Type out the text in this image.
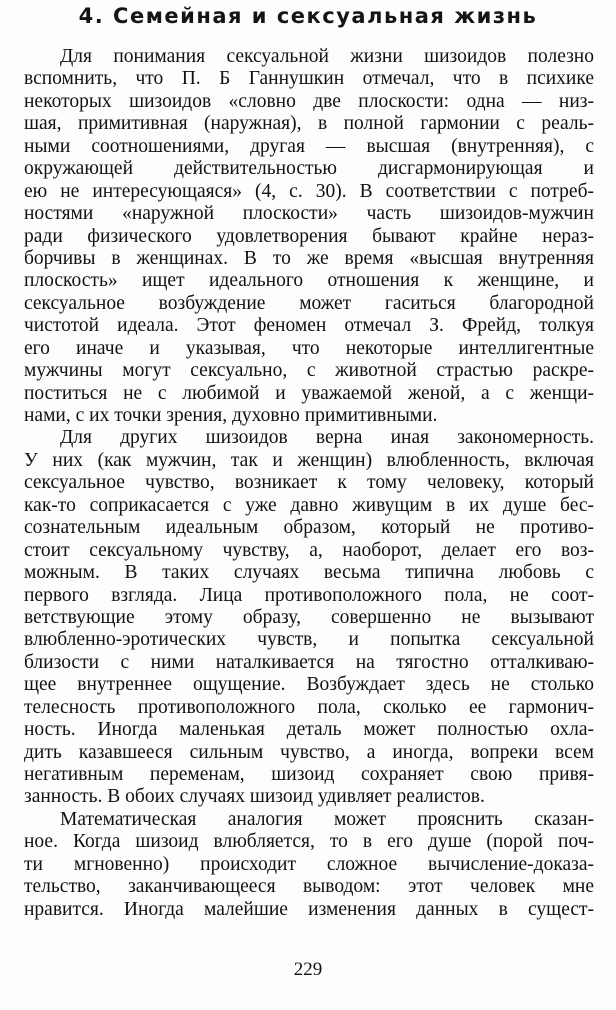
4. Семейная и сексуальная жизнь
Для понимания сексуальной жизни шизоидов полезно
вспомнить, что П. Б Ганнушкин отмечал, что в психике
некоторых шизоидов «словно две плоскости: одна — низ-
шая, примитивная (наружная), в полной гармонии с реаль-
ными соотношениями, другая — высшая (внутренняя), с
окружающей действительностью дисгармонирующая и
ею не интересующаяся» (4, с. 30). В соответствии с потреб-
ностями «наружной плоскости» часть шизоидов-мужчин
ради физического удовлетворения бывают крайне нераз-
борчивы в женщинах. В то же время «высшая внутренняя
плоскость» ищет идеального отношения к женщине, и
сексуальное возбуждение может гаситься благородной
чистотой идеала. Этот феномен отмечал З. Фрейд, толкуя
его иначе и указывая, что некоторые интеллигентные
мужчины могут сексуально, с животной страстью раскре-
поститься не с любимой и уважаемой женой, а с женщи-
нами, с их точки зрения, духовно примитивными.
Для других шизоидов верна иная закономерность.
У них (как мужчин, так и женщин) влюбленность, включая
сексуальное чувство, возникает к тому человеку, который
как-то соприкасается с уже давно живущим в их душе бес-
сознательным идеальным образом, который не противо-
стоит сексуальному чувству, а, наоборот, делает его воз-
можным. В таких случаях весьма типична любовь с
первого взгляда. Лица противоположного пола, не соот-
ветствующие этому образу, совершенно не вызывают
влюбленно-эротических чувств, и попытка сексуальной
близости с ними наталкивается на тягостно отталкиваю-
щее внутреннее ощущение. Возбуждает здесь не столько
телесность противоположного пола, сколько ее гармонич-
ность. Иногда маленькая деталь может полностью охла-
дить казавшееся сильным чувство, а иногда, вопреки всем
негативным переменам, шизоид сохраняет свою привя-
занность. В обоих случаях шизоид удивляет реалистов.
Математическая аналогия может прояснить сказан-
ное. Когда шизоид влюбляется, то в его душе (порой поч-
ти мгновенно) происходит сложное вычисление-доказа-
тельство, заканчивающееся выводом: этот человек мне
нравится. Иногда малейшие изменения данных в сущест-
229
